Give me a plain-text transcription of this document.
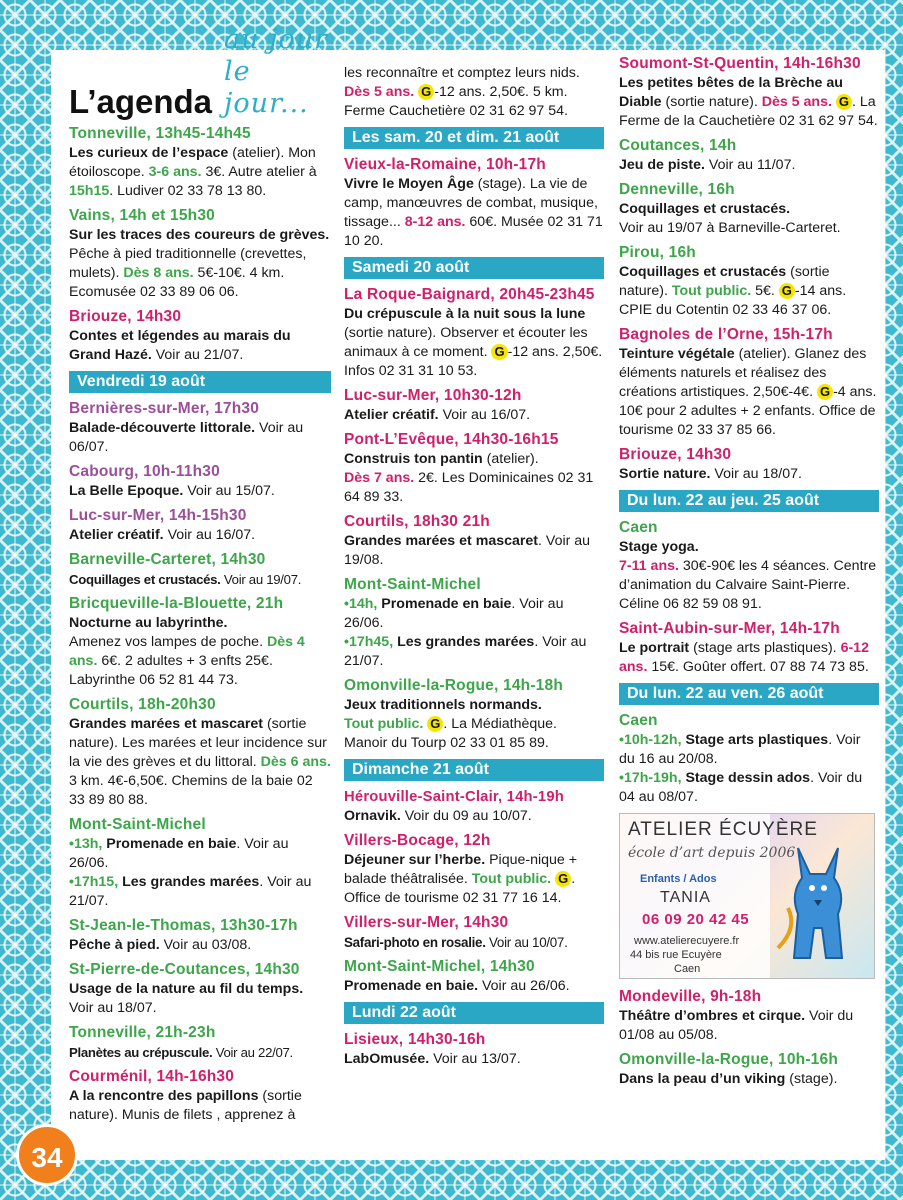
L’agenda
au jour le jour...
Tonneville, 13h45-14h45
Les curieux de l’espace (atelier). Mon étoiloscope. 3-6 ans. 3€. Autre atelier à 15h15. Ludiver 02 33 78 13 80.
Vains, 14h et 15h30
Sur les traces des coureurs de grèves. Pêche à pied traditionnelle (crevettes, mulets). Dès 8 ans. 5€-10€. 4 km. Ecomusée 02 33 89 06 06.
Briouze, 14h30
Contes et légendes au marais du Grand Hazé. Voir au 21/07.
Vendredi 19 août
Bernières-sur-Mer, 17h30
Balade-découverte littorale. Voir au 06/07.
Cabourg, 10h-11h30
La Belle Epoque. Voir au 15/07.
Luc-sur-Mer, 14h-15h30
Atelier créatif. Voir au 16/07.
Barneville-Carteret, 14h30
Coquillages et crustacés. Voir au 19/07.
Bricqueville-la-Blouette, 21h
Nocturne au labyrinthe.
Amenez vos lampes de poche. Dès 4 ans. 6€. 2 adultes + 3 enfts 25€. Labyrinthe 06 52 81 44 73.
Courtils, 18h-20h30
Grandes marées et mascaret (sortie nature). Les marées et leur incidence sur la vie des grèves et du littoral. Dès 6 ans. 3 km. 4€-6,50€. Chemins de la baie 02 33 89 80 88.
Mont-Saint-Michel
•13h, Promenade en baie. Voir au 26/06.
•17h15, Les grandes marées. Voir au 21/07.
St-Jean-le-Thomas, 13h30-17h
Pêche à pied. Voir au 03/08.
St-Pierre-de-Coutances, 14h30
Usage de la nature au fil du temps. Voir au 18/07.
Tonneville, 21h-23h
Planètes au crépuscule. Voir au 22/07.
Courménil, 14h-16h30
A la rencontre des papillons (sortie nature). Munis de filets , apprenez à
les reconnaître et comptez leurs nids. Dès 5 ans. G -12 ans. 2,50€. 5 km. Ferme Cauchetière 02 31 62 97 54.
Les sam. 20 et dim. 21 août
Vieux-la-Romaine, 10h-17h
Vivre le Moyen Âge (stage). La vie de camp, manœuvres de combat, musique, tissage... 8-12 ans. 60€. Musée 02 31 71 10 20.
Samedi 20 août
La Roque-Baignard, 20h45-23h45
Du crépuscule à la nuit sous la lune (sortie nature). Observer et écouter les animaux à ce moment. G -12 ans. 2,50€. Infos 02 31 31 10 53.
Luc-sur-Mer, 10h30-12h
Atelier créatif. Voir au 16/07.
Pont-L’Evêque, 14h30-16h15
Construis ton pantin (atelier).
Dès 7 ans. 2€. Les Dominicaines 02 31 64 89 33.
Courtils, 18h30 21h
Grandes marées et mascaret. Voir au 19/08.
Mont-Saint-Michel
•14h, Promenade en baie. Voir au 26/06.
•17h45, Les grandes marées. Voir au 21/07.
Omonville-la-Rogue, 14h-18h
Jeux traditionnels normands.
Tout public. G . La Médiathèque. Manoir du Tourp 02 33 01 85 89.
Dimanche 21 août
Hérouville-Saint-Clair, 14h-19h
Ornavik. Voir du 09 au 10/07.
Villers-Bocage, 12h
Déjeuner sur l’herbe. Pique-nique + balade théâtralisée. Tout public. G . Office de tourisme 02 31 77 16 14.
Villers-sur-Mer, 14h30
Safari-photo en rosalie. Voir au 10/07.
Mont-Saint-Michel, 14h30
Promenade en baie. Voir au 26/06.
Lundi 22 août
Lisieux, 14h30-16h
LabOmusée. Voir au 13/07.
Soumont-St-Quentin, 14h-16h30
Les petites bêtes de la Brèche au Diable (sortie nature). Dès 5 ans. G . La Ferme de la Cauchetière 02 31 62 97 54.
Coutances, 14h
Jeu de piste. Voir au 11/07.
Denneville, 16h
Coquillages et crustacés.
Voir au 19/07 à Barneville-Carteret.
Pirou, 16h
Coquillages et crustacés (sortie nature). Tout public. 5€. G -14 ans. CPIE du Cotentin 02 33 46 37 06.
Bagnoles de l’Orne, 15h-17h
Teinture végétale (atelier). Glanez des éléments naturels et réalisez des créations artistiques. 2,50€-4€. G -4 ans. 10€ pour 2 adultes + 2 enfants. Office de tourisme 02 33 37 85 66.
Briouze, 14h30
Sortie nature. Voir au 18/07.
Du lun. 22 au jeu. 25 août
Caen
Stage yoga.
7-11 ans. 30€-90€ les 4 séances. Centre d’animation du Calvaire Saint-Pierre. Céline 06 82 59 08 91.
Saint-Aubin-sur-Mer, 14h-17h
Le portrait (stage arts plastiques). 6-12 ans. 15€. Goûter offert. 07 88 74 73 85.
Du lun. 22 au ven. 26 août
Caen
•10h-12h, Stage arts plastiques. Voir du 16 au 20/08.
•17h-19h, Stage dessin ados. Voir du 04 au 08/07.
ATELIER ÉCUYÈRE
école d’art depuis 2006
Enfants / Ados
TANIA
06 09 20 42 45
www.atelierecuyere.fr
44 bis rue Ecuyère
Caen
Mondeville, 9h-18h
Théâtre d’ombres et cirque. Voir du 01/08 au 05/08.
Omonville-la-Rogue, 10h-16h
Dans la peau d’un viking (stage).
34
